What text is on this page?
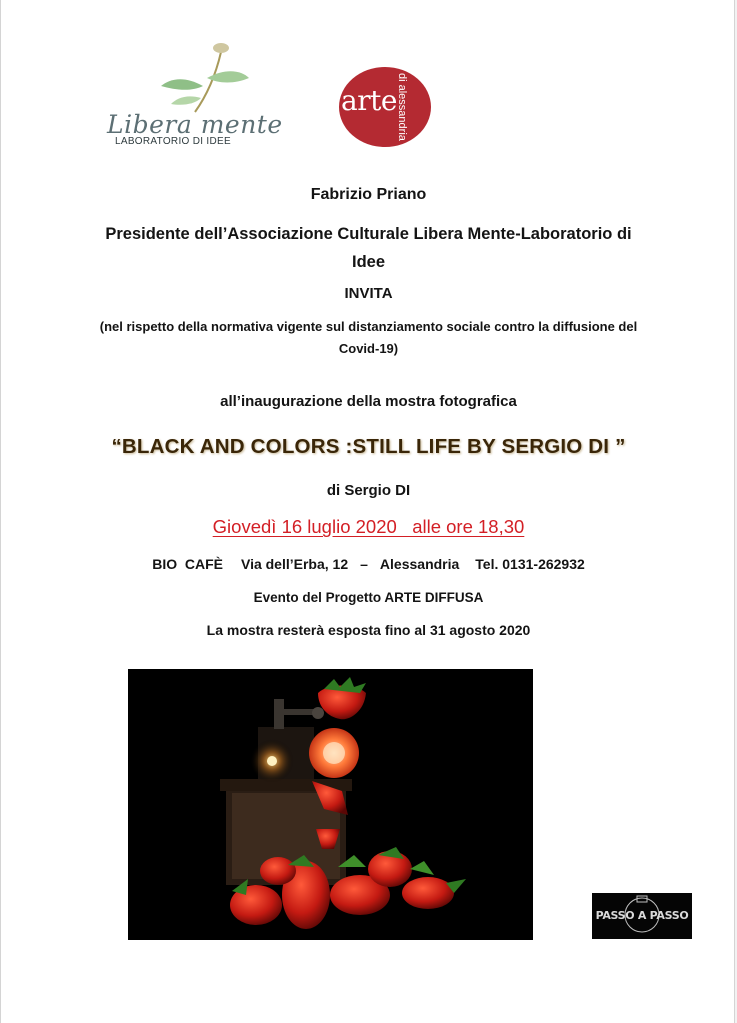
Libera mente
LABORATORIO DI IDEE
arte di alessandria
Fabrizio Priano
Presidente dell’Associazione Culturale Libera Mente-Laboratorio di Idee
INVITA
(nel rispetto della normativa vigente sul distanziamento sociale contro la diffusione del Covid-19)
all’inaugurazione della mostra fotografica
“BLACK AND COLORS :STILL LIFE BY SERGIO DI ”
di Sergio DI
Giovedì 16 luglio 2020   alle ore 18,30
BIO  CAFÈ Via dell’Erba, 12 – Alessandria Tel. 0131-262932
Evento del Progetto ARTE DIFFUSA
La mostra resterà esposta fino al 31 agosto 2020
PASSO A PASSO
